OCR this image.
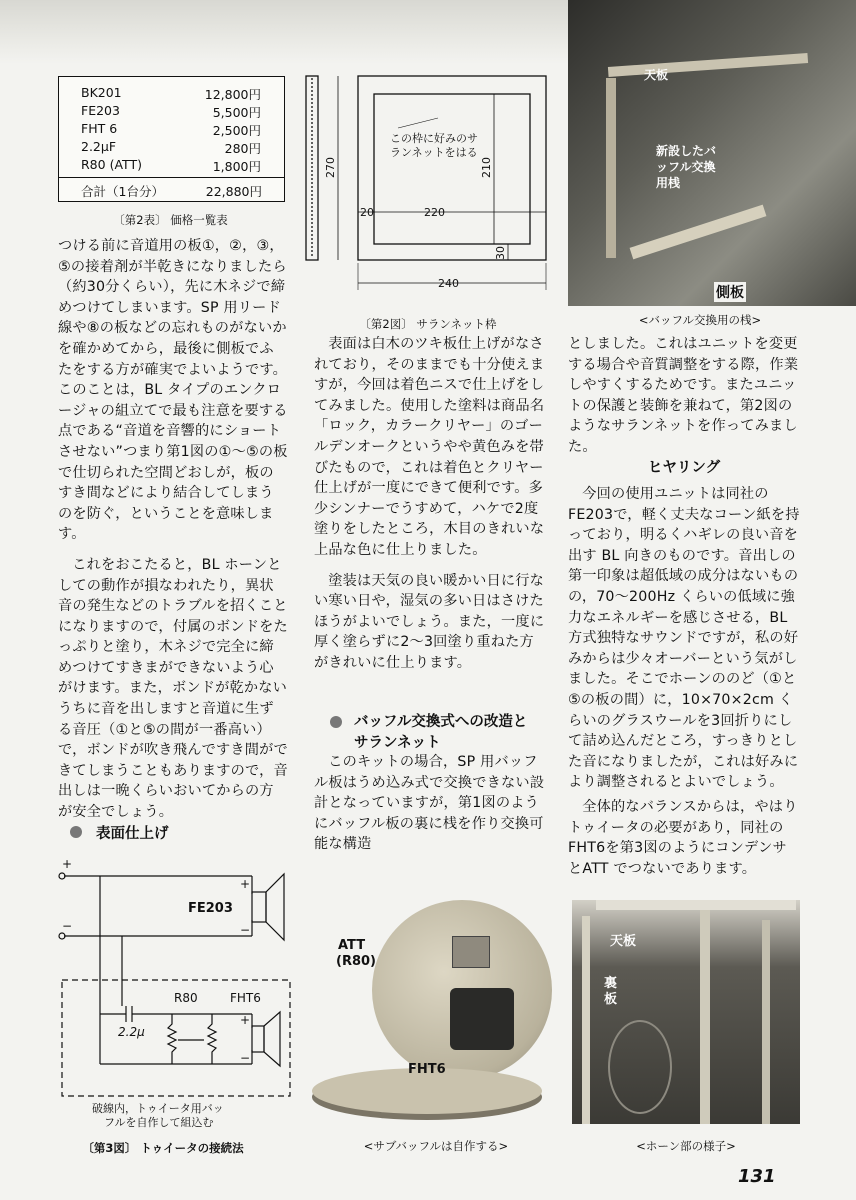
BK201	12,800円
FE203	5,500円
FHT 6	2,500円
2.2μF	280円
R80 (ATT)	1,800円
合計（1台分）	22,880円
〔第2表〕 価格一覧表
この枠に好みのサ
ランネットをはる
270	210
20	220
30
240
〔第2図〕 サランネット枠
天板
新設したバ
ッフル交換
用桟
側板
<バッフル交換用の桟>

つける前に音道用の板①，②，③，⑤の接着剤が半乾きになりましたら（約30分くらい），先に木ネジで締めつけてしまいます。SP 用リード線や⑧の板などの忘れものがないかを確かめてから，最後に側板でふたをする方が確実でよいようです。このことは，BL タイプのエンクロージャの組立てで最も注意を要する点である“音道を音響的にショートさせない”つまり第1図の①～⑤の板で仕切られた空間どおしが，板のすき間などにより結合してしまうのを防ぐ，ということを意味します。

これをおこたると，BL ホーンとしての動作が損なわれたり，異状音の発生などのトラブルを招くことになりますので，付属のボンドをたっぷりと塗り，木ネジで完全に締めつけてすきまができないよう心がけます。また，ボンドが乾かないうちに音を出しますと音道に生ずる音圧（①と⑤の間が一番高い）で，ボンドが吹き飛んですき間ができてしまうこともありますので，音出しは一晩くらいおいてからの方が安全でしょう。

表面仕上げ

表面は白木のツキ板仕上げがなされており，そのままでも十分使えますが，今回は着色ニスで仕上げをしてみました。使用した塗料は商品名「ロック，カラークリヤー」のゴールデンオークというやや黄色みを帯びたもので，これは着色とクリヤー仕上げが一度にできて便利です。多少シンナーでうすめて，ハケで2度塗りをしたところ，木目のきれいな上品な色に仕上りました。

塗装は天気の良い暖かい日に行ない寒い日や，湿気の多い日はさけたほうがよいでしょう。また，一度に厚く塗らずに2～3回塗り重ねた方がきれいに仕上ります。

バッフル交換式への改造と
サランネット

このキットの場合，SP 用バッフル板はうめ込み式で交換できない設計となっていますが，第1図のようにバッフル板の裏に桟を作り交換可能な構造

としました。これはユニットを変更する場合や音質調整をする際，作業しやすくするためです。またユニットの保護と装飾を兼ねて，第2図のようなサランネットを作ってみました。

ヒヤリング

今回の使用ユニットは同社のFE203で，軽く丈夫なコーン紙を持っており，明るくハギレの良い音を出す BL 向きのものです。音出しの第一印象は超低域の成分はないものの，70～200Hz くらいの低域に強力なエネルギーを感じさせる，BL 方式独特なサウンドですが，私の好みからは少々オーバーという気がしました。そこでホーンののど（①と⑤の板の間）に，10×70×2cm くらいのグラスウールを3回折りにして詰め込んだところ，すっきりとした音になりましたが，これは好みにより調整されるとよいでしょう。

全体的なバランスからは，やはりトゥイータの必要があり，同社のFHT6を第3図のようにコンデンサとATT でつないであります。

+
−
FE203
+
−
2.2μ
R80	FHT6
+
−
破線内，トゥイータ用バッ
フルを自作して組込む
〔第3図〕 トゥイータの接続法
ATT
(R80)
FHT6
<サブバッフルは自作する>
天板
裏
板
<ホーン部の様子>
131
